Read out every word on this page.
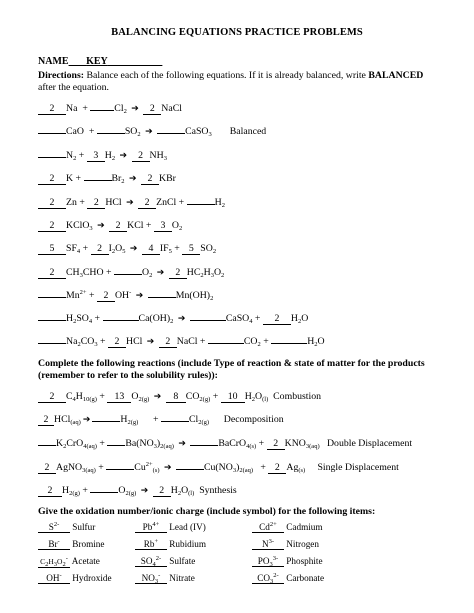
BALANCING EQUATIONS PRACTICE PROBLEMS
NAME KEY
Directions: Balance each of the following equations. If it is already balanced, write BALANCED after the equation.
2 $Na + Cl_2$ ➔ 2 NaCl
CaO  +	$SO_2$ ➔	CaSO$_3$ Balanced
$N_2 + 3$ $H_2$ ➔ 2 $NH_3$
2 K +	$Br_2$ ➔ 2 KBr
2 Zn + 2 HCl ➔ 2 ZnCl +	$H_2$
2 KClO$_3$ ➔ 2 KCl + 3 $O_2$
5 $SF_4 + 2$ $I_2O_5$ ➔ 4 $IF_5 + 5$ $SO_2$
2 $CH_3CHO$ +	$O_2$ ➔ 2 $HC_2H_3O_2$
$Mn^{2+} + 2$ OH- ➔	$Mn(OH)_2$
$H_2SO_4$ +	$Ca(OH)_2$ ➔	CaSO$_4$ + 2 $H_2O$
$Na_2CO_3 + 2$ HCl ➔ 2 NaCl +	$CO_2$ +	$H_2O$
Complete the following reactions (include Type of reaction & state of matter for the products (remember to refer to the solubility rules)):
2 $C_4H_{10(g)} + 13$ $O_{2(g)}$ ➔ 8 $CO_{2(g)} + 10$ $H_2O_{(l)}$ Combustion
2 HCl$_{(aq)}$ ➔	$H_{2(g)}$      +	$Cl_{2(g)}$ Decomposition
$K_2CrO_{4(aq)} + Ba(NO_3)_{2(aq)}$ ➔	BaCrO$_{4(s)}$ + 2 $KNO_{3(aq)}$ Double Displacement
2 AgNO$_{3(aq)}$ +	$Cu^{2+}_{(s)}$ ➔	$Cu(NO_3)_{2(aq)} + 2$ $Ag_{(s)}$ Single Displacement
2 $H_{2(g)}$ +	$O_{2(g)}$ ➔ 2 $H_2O_{(l)}$ Synthesis
Give the oxidation number/ionic charge (include symbol) for the following items:
$S^{2-}$ Sulfur	$Pb^{4+}$ Lead (IV)	$Cd^{2+}$ Cadmium
Br- Bromine	Rb+ Rubidium	$N^{3-}$ Nitrogen
$C_2H_3O_2^-$ Acetate	$SO_4^{2-}$ Sulfate	$PO_3^{3-}$ Phosphite
OH- Hydroxide	$NO_3^-$ Nitrate	$CO_3^{2-}$ Carbonate
